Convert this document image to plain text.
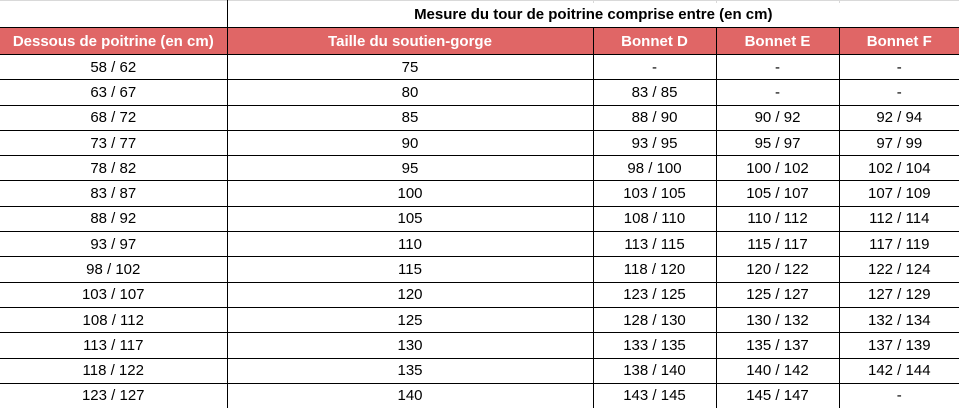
	Mesure du tour de poitrine comprise entre (en cm)			
Dessous de poitrine (en cm)	Taille du soutien-gorge	Bonnet D	Bonnet E	Bonnet F
58 / 62	75	-	-	-
63 / 67	80	83 / 85	-	-
68 / 72	85	88 / 90	90 / 92	92 / 94
73 / 77	90	93 / 95	95 / 97	97 / 99
78 / 82	95	98 / 100	100 / 102	102 / 104
83 / 87	100	103 / 105	105 / 107	107 / 109
88 / 92	105	108 / 110	110 / 112	112 / 114
93 / 97	110	113 / 115	115 / 117	117 / 119
98 / 102	115	118 / 120	120 / 122	122 / 124
103 / 107	120	123 / 125	125 / 127	127 / 129
108 / 112	125	128 / 130	130 / 132	132 / 134
113 / 117	130	133 / 135	135 / 137	137 / 139
118 / 122	135	138 / 140	140 / 142	142 / 144
123 / 127	140	143 / 145	145 / 147	-
